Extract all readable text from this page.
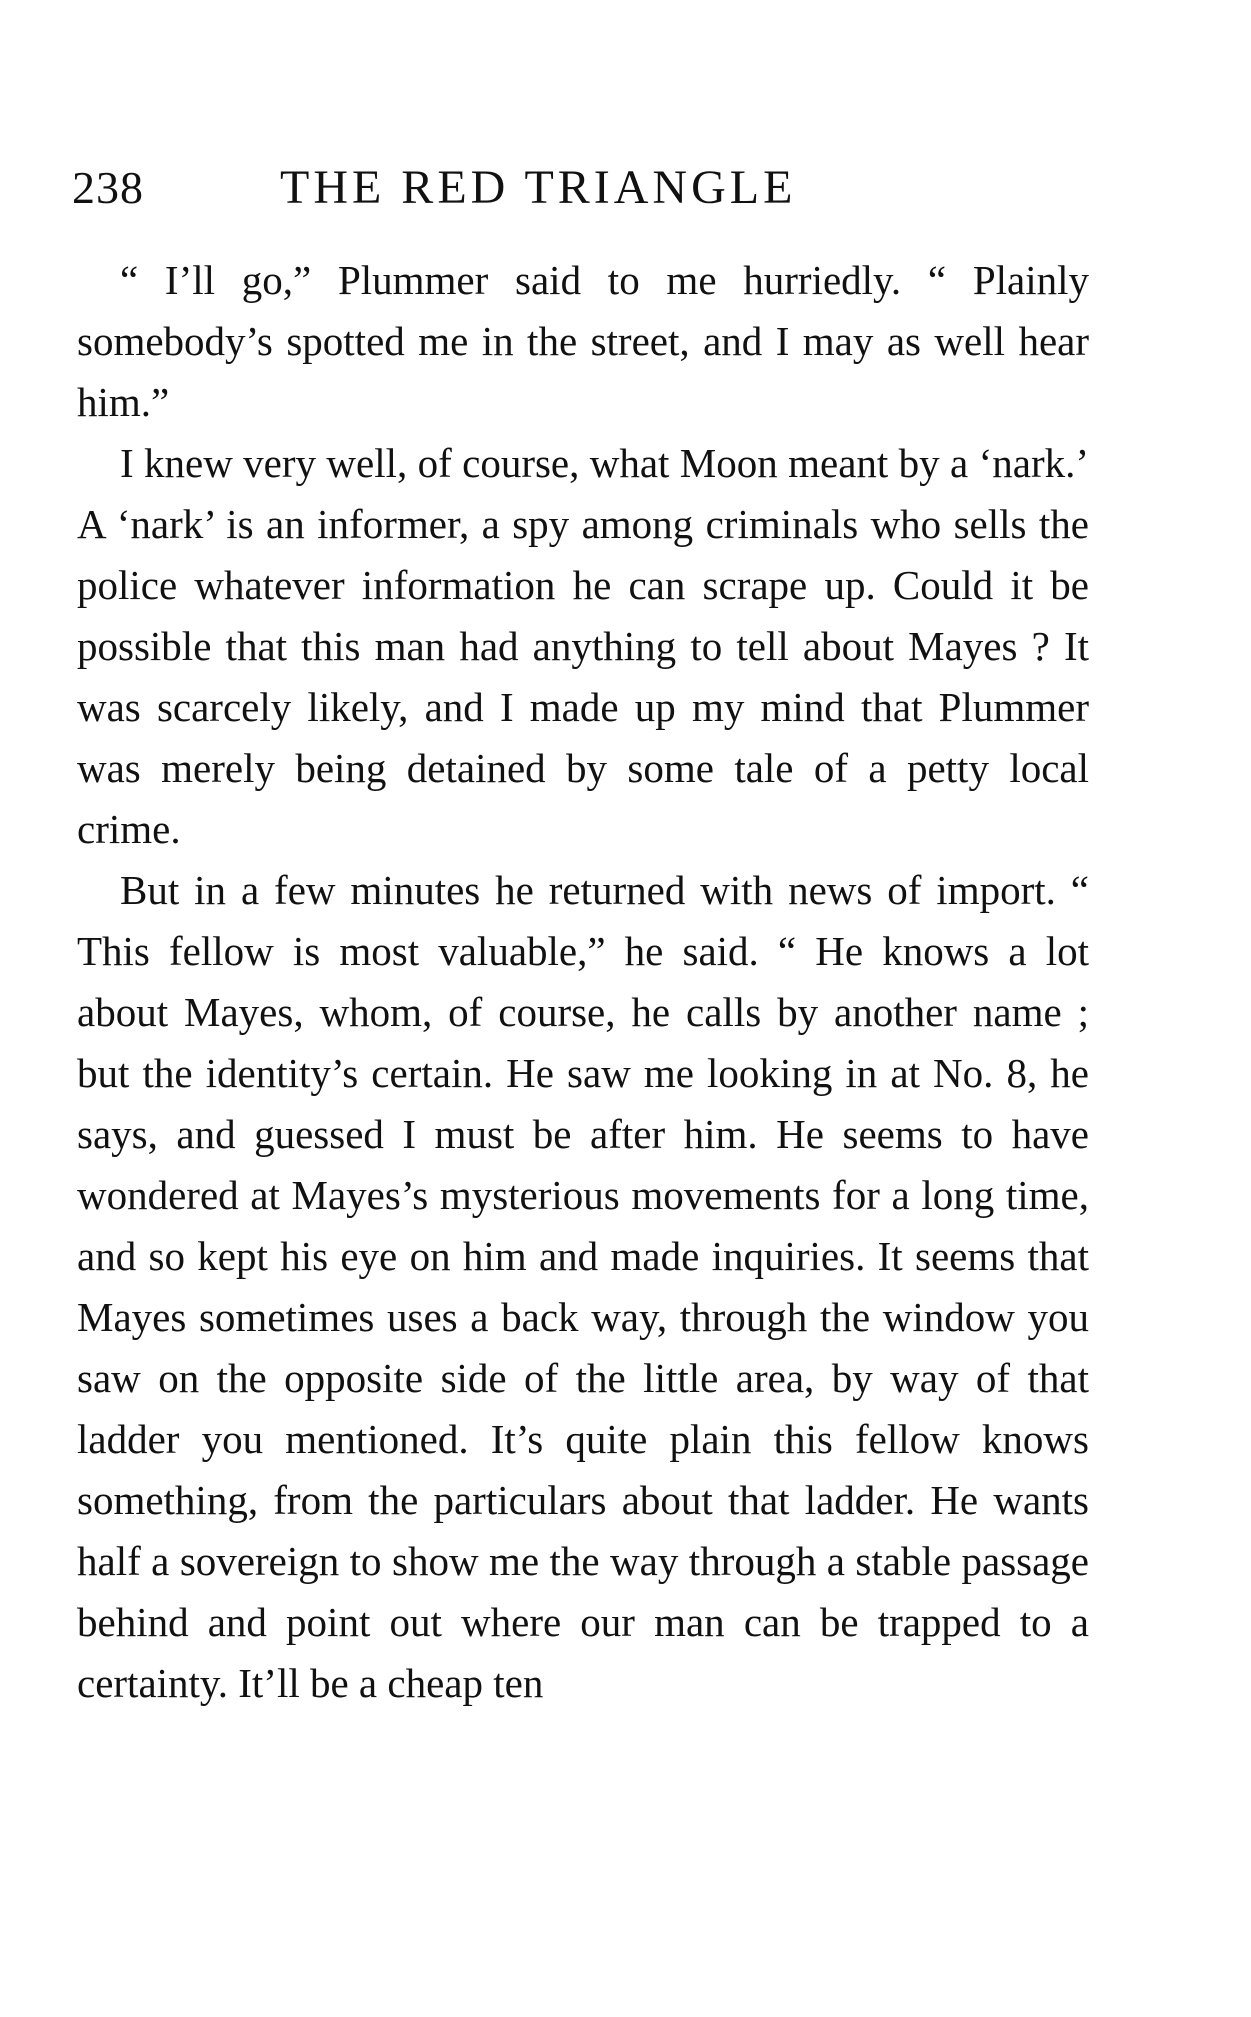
238	THE RED TRIANGLE

“ I’ll go,” Plummer said to me hurriedly. “ Plainly somebody’s spotted me in the street, and I may as well hear him.”

I knew very well, of course, what Moon meant by a ‘nark.’ A ‘nark’ is an informer, a spy among criminals who sells the police whatever information he can scrape up. Could it be possible that this man had anything to tell about Mayes ? It was scarcely likely, and I made up my mind that Plummer was merely being detained by some tale of a petty local crime.

But in a few minutes he returned with news of import. “ This fellow is most valuable,” he said. “ He knows a lot about Mayes, whom, of course, he calls by another name ; but the identity’s certain. He saw me looking in at No. 8, he says, and guessed I must be after him. He seems to have wondered at Mayes’s mysterious movements for a long time, and so kept his eye on him and made inquiries. It seems that Mayes sometimes uses a back way, through the window you saw on the opposite side of the little area, by way of that ladder you mentioned. It’s quite plain this fellow knows something, from the particulars about that ladder. He wants half a sovereign to show me the way through a stable passage behind and point out where our man can be trapped to a certainty. It’ll be a cheap ten
